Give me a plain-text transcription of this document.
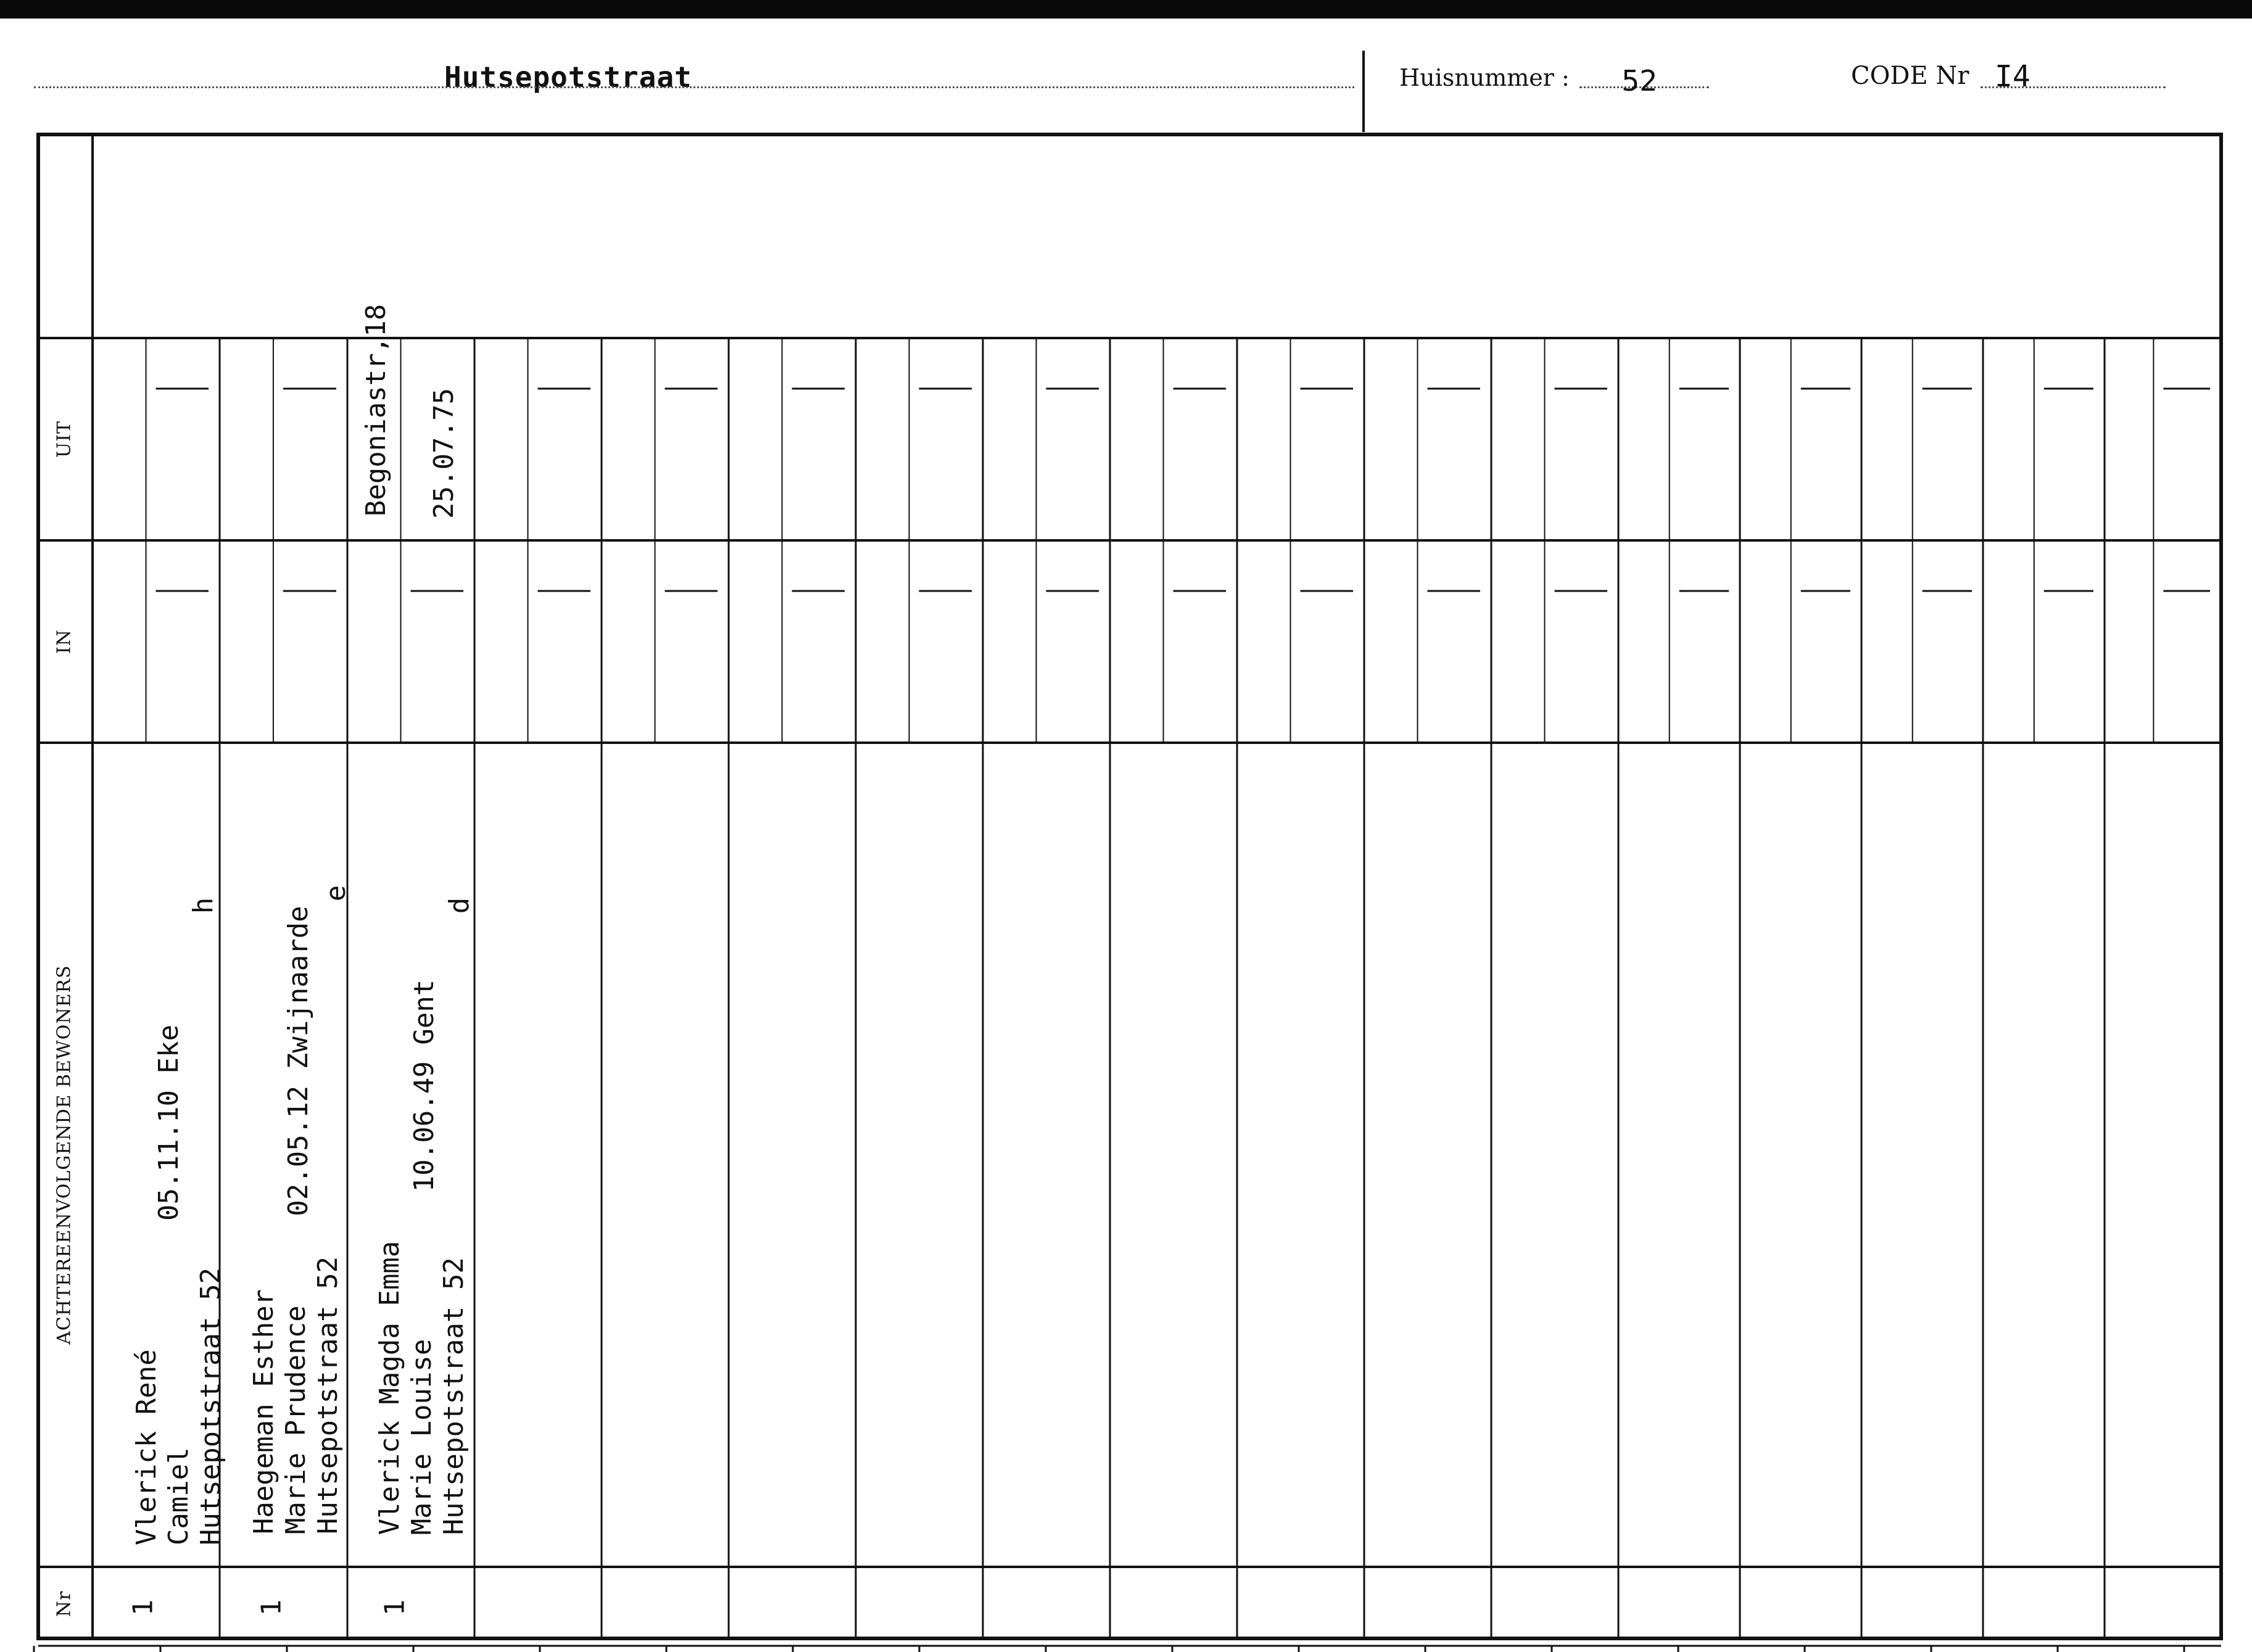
Hutsepotstraat	Huisnummer : 52	CODE Nr I4
UIT
IN
ACHTEREENVOLGENDE BEWONERS
Nr
Vlerick René Camiel Hutsepotstraat 52
05.11.10 Eke
h
1
Haegeman Esther Marie Prudence Hutsepotstraat 52
02.05.12 Zwijnaarde
e
1
Vlerick Magda Emma Marie Louise Hutsepotstraat 52
10.06.49 Gent
d
1
Begoniastr,18 25.07.75
